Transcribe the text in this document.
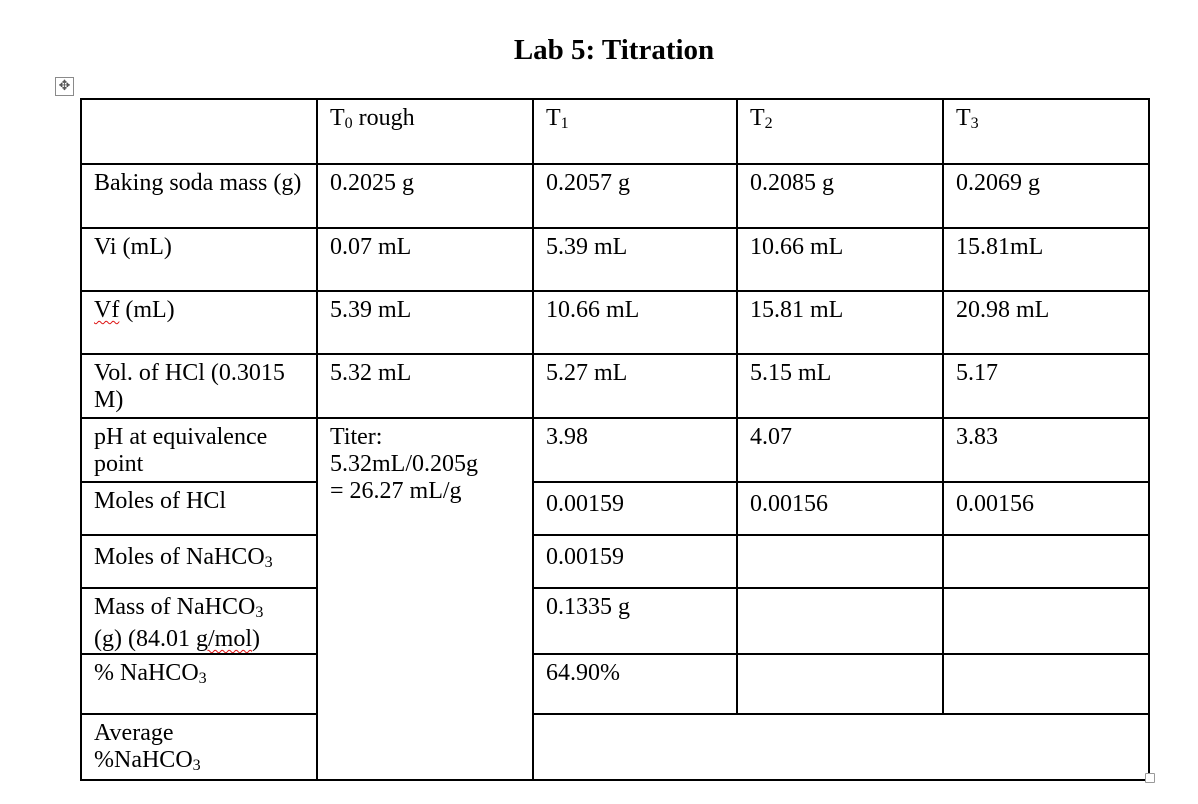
Lab 5: Titration
✥
	T0 rough	T1	T2	T3
Baking soda mass (g)	0.2025 g	0.2057 g	0.2085 g	0.2069 g
Vi (mL)	0.07 mL	5.39 mL	10.66 mL	15.81mL
Vf (mL)	5.39 mL	10.66 mL	15.81 mL	20.98 mL
Vol. of HCl (0.3015 M)	5.32 mL	5.27 mL	5.15 mL	5.17
pH at equivalence point	Titer:
5.32mL/0.205g
= 26.27 mL/g	3.98	4.07	3.83
Moles of HCl		0.00159	0.00156	0.00156
Moles of NaHCO3		0.00159		

Mass of NaHCO3
(g) (84.01 g/mol)		0.1335 g		
% NaHCO3		64.90%		

Average
%NaHCO3				
